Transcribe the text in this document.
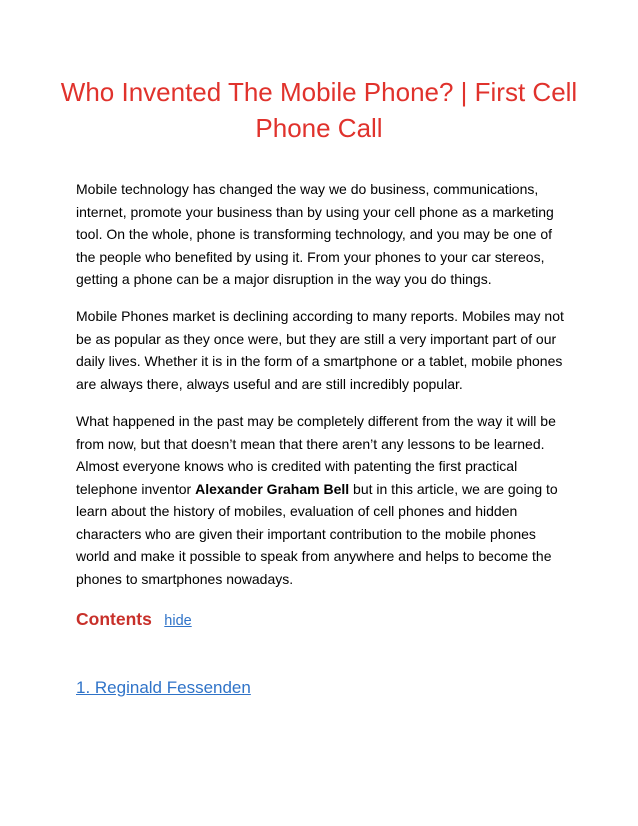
Who Invented The Mobile Phone? | First Cell Phone Call

Mobile technology has changed the way we do business, communications, internet, promote your business than by using your cell phone as a marketing tool. On the whole, phone is transforming technology, and you may be one of the people who benefited by using it. From your phones to your car stereos, getting a phone can be a major disruption in the way you do things.

Mobile Phones market is declining according to many reports. Mobiles may not be as popular as they once were, but they are still a very important part of our daily lives. Whether it is in the form of a smartphone or a tablet, mobile phones are always there, always useful and are still incredibly popular.

What happened in the past may be completely different from the way it will be from now, but that doesn’t mean that there aren’t any lessons to be learned. Almost everyone knows who is credited with patenting the first practical telephone inventor Alexander Graham Bell but in this article, we are going to learn about the history of mobiles, evaluation of cell phones and hidden characters who are given their important contribution to the mobile phones world and make it possible to speak from anywhere and helps to become the phones to smartphones nowadays.

Contents hide
1. Reginald Fessenden
